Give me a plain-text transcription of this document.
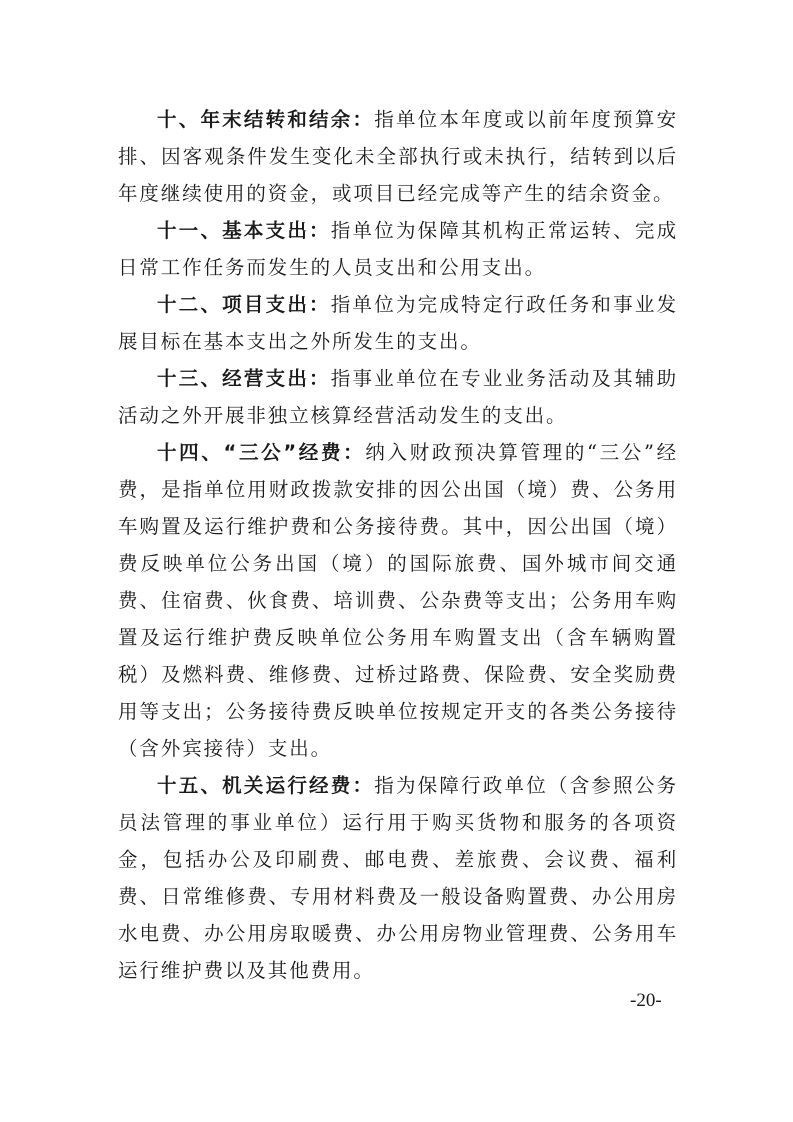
十、年末结转和结余：指单位本年度或以前年度预算安排、因客观条件发生变化未全部执行或未执行，结转到以后年度继续使用的资金，或项目已经完成等产生的结余资金。

十一、基本支出：指单位为保障其机构正常运转、完成日常工作任务而发生的人员支出和公用支出。

十二、项目支出：指单位为完成特定行政任务和事业发展目标在基本支出之外所发生的支出。

十三、经营支出：指事业单位在专业业务活动及其辅助活动之外开展非独立核算经营活动发生的支出。

十四、“三公”经费：纳入财政预决算管理的“三公”经费，是指单位用财政拨款安排的因公出国（境）费、公务用车购置及运行维护费和公务接待费。其中，因公出国（境）费反映单位公务出国（境）的国际旅费、国外城市间交通费、住宿费、伙食费、培训费、公杂费等支出；公务用车购置及运行维护费反映单位公务用车购置支出（含车辆购置税）及燃料费、维修费、过桥过路费、保险费、安全奖励费用等支出；公务接待费反映单位按规定开支的各类公务接待（含外宾接待）支出。

十五、机关运行经费：指为保障行政单位（含参照公务员法管理的事业单位）运行用于购买货物和服务的各项资金，包括办公及印刷费、邮电费、差旅费、会议费、福利费、日常维修费、专用材料费及一般设备购置费、办公用房水电费、办公用房取暖费、办公用房物业管理费、公务用车运行维护费以及其他费用。

-20-
